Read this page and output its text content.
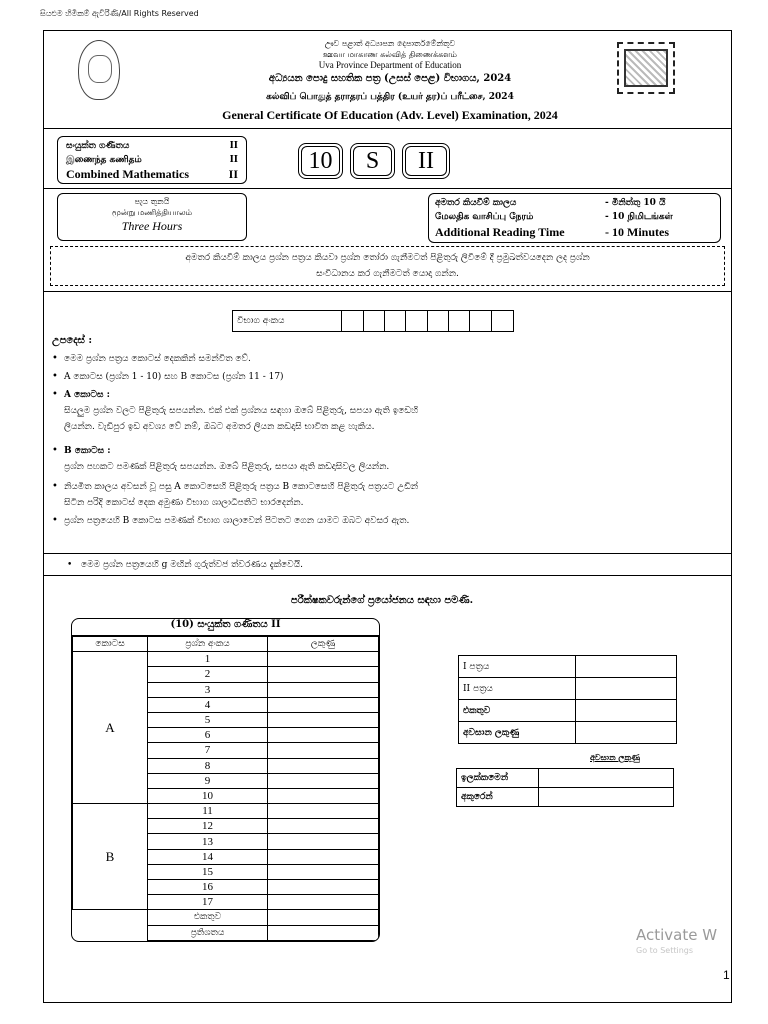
සියළුම හිමිකම් ඇවිරිණි/All Rights Reserved
ඌව පළාත් අධ්‍යාපන දෙපාර්තමේන්තුව
ஊவா மாகாண கல்வித் திணைக்களம்
Uva Province Department of Education
අධ්‍යයන පොදු සහතික පත්‍ර (උසස් පෙළ) විභාගය, 2024
கல்விப் பொதுத் தராதரப் பத்திர (உயர் தர)ப் பரீட்சை, 2024
General Certificate Of Education (Adv. Level) Examination, 2024
සංයුක්ත ගණිතය	II
இணைந்த கணிதம்	II
Combined Mathematics	II
10	S	II
පැය තුනයි
மூன்று மணித்தியாலம்
Three Hours
අමතර කියවීම් කාලය	- මිනිත්තු 10 යි
மேலதிக வாசிப்பு நேரம்	- 10 நிமிடங்கள்
Additional Reading Time	- 10 Minutes
අමතර කියවීම් කාලය ප්‍රශ්න පත්‍රය කියවා ප්‍රශ්න තෝරා ගැනීමටත් පිළිතුරු ලිවීමේ දී ප්‍රමුඛත්වයදෙන ලද ප්‍රශ්න
සංවිධානය කර ගැනීමටත් යොදා ගන්න.
විභාග අංකය
උපදෙස් :
• මෙම ප්‍රශ්න පත්‍රය කොටස් දෙකකින් සමන්විත වේ.
• A කොටස (ප්‍රශ්න 1 - 10) සහ B කොටස (ප්‍රශ්න 11 - 17)
• A කොටස :
සියලුම ප්‍රශ්න වලට පිළිතුරු සපයන්න. එක් එක් ප්‍රශ්නය සඳහා ඔබේ පිළිතුරු, සපයා ඇති ඉඩෙහි
ලියන්න. වැඩිපුර ඉඩ අවශ්‍ය වේ නම්, ඔබට අමතර ලියන කඩදාසි භාවිත කළ හැකිය.
• B කොටස :
ප්‍රශ්න පහකට පමණක් පිළිතුරු සපයන්න. ඔබේ පිළිතුරු, සපයා ඇති කඩදාසිවල ලියන්න.
• නියමිත කාලය අවසන් වූ පසු A කොටසෙහි පිළිතුරු පත්‍රය B කොටසෙහි පිළිතුරු පත්‍රයට උඩින්
සිටින පරිදි කොටස් දෙක අමුණා විභාග ශාලාධිපතිට භාරදෙන්න.
• ප්‍රශ්න පත්‍රයෙහි B කොටස පමණක් විභාග ශාලාවෙන් පිටතට ගෙන යාමට ඔබට අවසර ඇත.
• මෙම ප්‍රශ්න පත්‍රයෙහි g මඟින් ගුරුත්වජ ත්වරණය දැක්වෙයි.
පරීක්ෂකවරුන්ගේ ප්‍රයෝජනය සඳහා පමණි.
(10) සංයුක්ත ගණිතය II
කොටස	ප්‍රශ්න අංකය	ලකුණු
A	1	
	2	
	3	
	4	
	5	
	6	
	7	
	8	
	9	
	10	
B	11	
	12	
	13	
	14	
	15	
	16	
	17	
	එකතුව	
	ප්‍රතිශතය	
I පත්‍රය	
II පත්‍රය	
එකතුව	
අවසාන ලකුණු	
අවසාන ලකුණු
ඉලක්කමෙන්	
අකුරෙන්	
Activate W
Go to Settings
1
